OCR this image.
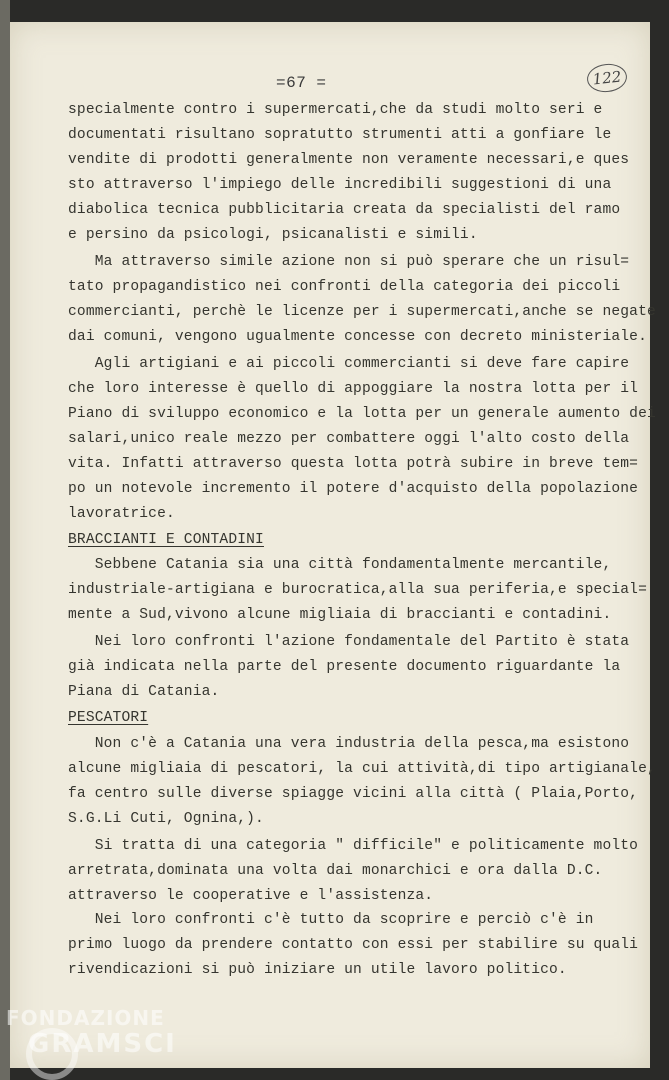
122
=67 =
specialmente contro i supermercati,che da studi molto seri e
documentati risultano sopratutto strumenti atti a gonfiare le
vendite di prodotti generalmente non veramente necessari,e ques
sto attraverso l'impiego delle incredibili suggestioni di una
diabolica tecnica pubblicitaria creata da specialisti del ramo
e persino da psicologi, psicanalisti e simili.
Ma attraverso simile azione non si può sperare che un risul=
tato propagandistico nei confronti della categoria dei piccoli
commercianti, perchè le licenze per i supermercati,anche se negate
dai comuni, vengono ugualmente concesse con decreto ministeriale.
Agli artigiani e ai piccoli commercianti si deve fare capire
che loro interesse è quello di appoggiare la nostra lotta per il
Piano di sviluppo economico e la lotta per un generale aumento dei
salari,unico reale mezzo per combattere oggi l'alto costo della
vita. Infatti attraverso questa lotta potrà subire in breve tem=
po un notevole incremento il potere d'acquisto della popolazione
lavoratrice.
BRACCIANTI E CONTADINI
Sebbene Catania sia una città fondamentalmente mercantile,
industriale-artigiana e burocratica,alla sua periferia,e special=
mente a Sud,vivono alcune migliaia di braccianti e contadini.
Nei loro confronti l'azione fondamentale del Partito è stata
già indicata nella parte del presente documento riguardante la
Piana di Catania.
PESCATORI
Non c'è a Catania una vera industria della pesca,ma esistono
alcune migliaia di pescatori, la cui attività,di tipo artigianale,
fa centro sulle diverse spiagge vicini alla città ( Plaia,Porto,
S.G.Li Cuti, Ognina,).
Si tratta di una categoria " difficile" e politicamente molto
arretrata,dominata una volta dai monarchici e ora dalla D.C.
attraverso le cooperative e l'assistenza.
Nei loro confronti c'è tutto da scoprire e perciò c'è in
primo luogo da prendere contatto con essi per stabilire su quali
rivendicazioni si può iniziare un utile lavoro politico.
FONDAZIONE
GRAMSCI
